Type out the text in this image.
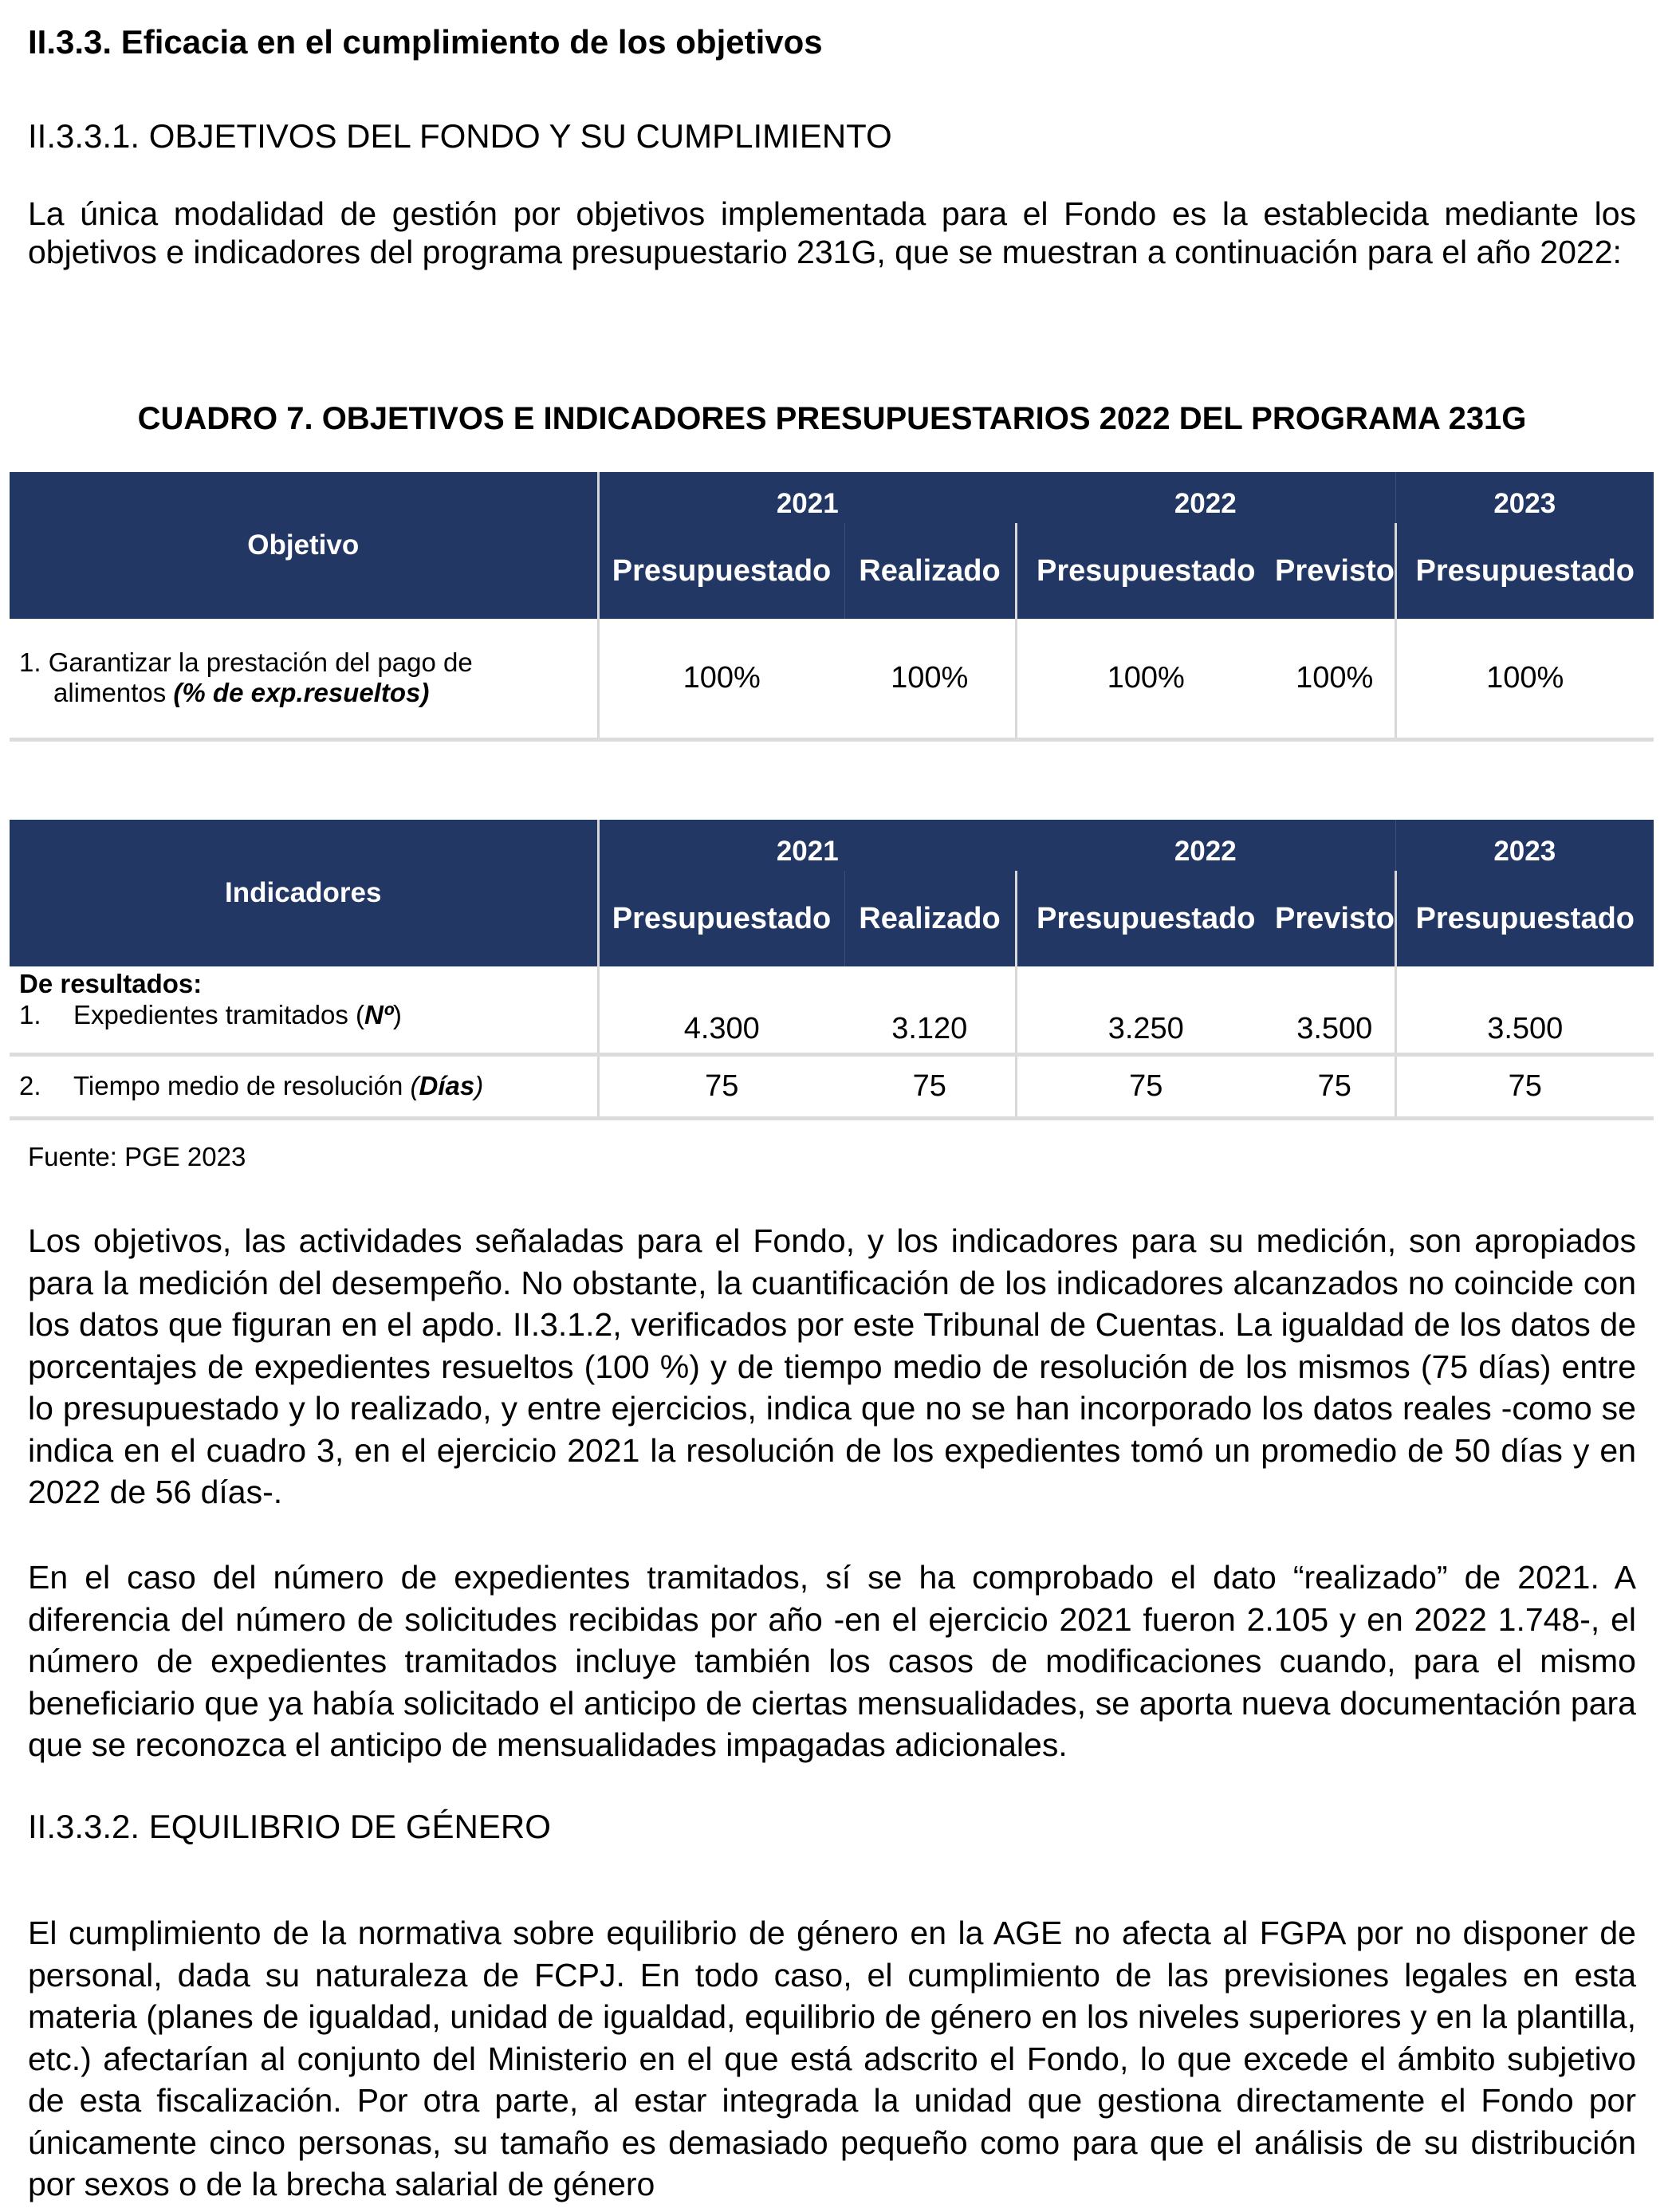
II.3.3. Eficacia en el cumplimiento de los objetivos
II.3.3.1. OBJETIVOS DEL FONDO Y SU CUMPLIMIENTO
La única modalidad de gestión por objetivos implementada para el Fondo es la establecida mediante los objetivos e indicadores del programa presupuestario 231G, que se muestran a continuación para el año 2022:
CUADRO 7. OBJETIVOS E INDICADORES PRESUPUESTARIOS 2022 DEL PROGRAMA 231G
Objetivo	2021		2022		2023
	Presupuestado	Realizado	Presupuestado	Previsto	Presupuestado

1. Garantizar la prestación del pago de
alimentos (% de exp.resueltos)	100%	100%	100%	100%	100%
Indicadores	2021		2022		2023
	Presupuestado	Realizado	Presupuestado	Previsto	Presupuestado

De resultados:
1. Expedientes tramitados (Nº)	4.300	3.120	3.250	3.500	3.500
2. Tiempo medio de resolución (Días)	75	75	75	75	75
Fuente: PGE 2023
Los objetivos, las actividades señaladas para el Fondo, y los indicadores para su medición, son apropiados para la medición del desempeño. No obstante, la cuantificación de los indicadores alcanzados no coincide con los datos que figuran en el apdo. II.3.1.2, verificados por este Tribunal de Cuentas. La igualdad de los datos de porcentajes de expedientes resueltos (100 %) y de tiempo medio de resolución de los mismos (75 días) entre lo presupuestado y lo realizado, y entre ejercicios, indica que no se han incorporado los datos reales -como se indica en el cuadro 3, en el ejercicio 2021 la resolución de los expedientes tomó un promedio de 50 días y en 2022 de 56 días-.
En el caso del número de expedientes tramitados, sí se ha comprobado el dato “realizado” de 2021. A diferencia del número de solicitudes recibidas por año -en el ejercicio 2021 fueron 2.105 y en 2022 1.748-, el número de expedientes tramitados incluye también los casos de modificaciones cuando, para el mismo beneficiario que ya había solicitado el anticipo de ciertas mensualidades, se aporta nueva documentación para que se reconozca el anticipo de mensualidades impagadas adicionales.
II.3.3.2. EQUILIBRIO DE GÉNERO
El cumplimiento de la normativa sobre equilibrio de género en la AGE no afecta al FGPA por no disponer de personal, dada su naturaleza de FCPJ. En todo caso, el cumplimiento de las previsiones legales en esta materia (planes de igualdad, unidad de igualdad, equilibrio de género en los niveles superiores y en la plantilla, etc.) afectarían al conjunto del Ministerio en el que está adscrito el Fondo, lo que excede el ámbito subjetivo de esta fiscalización. Por otra parte, al estar integrada la unidad que gestiona directamente el Fondo por únicamente cinco personas, su tamaño es demasiado pequeño como para que el análisis de su distribución por sexos o de la brecha salarial de género
